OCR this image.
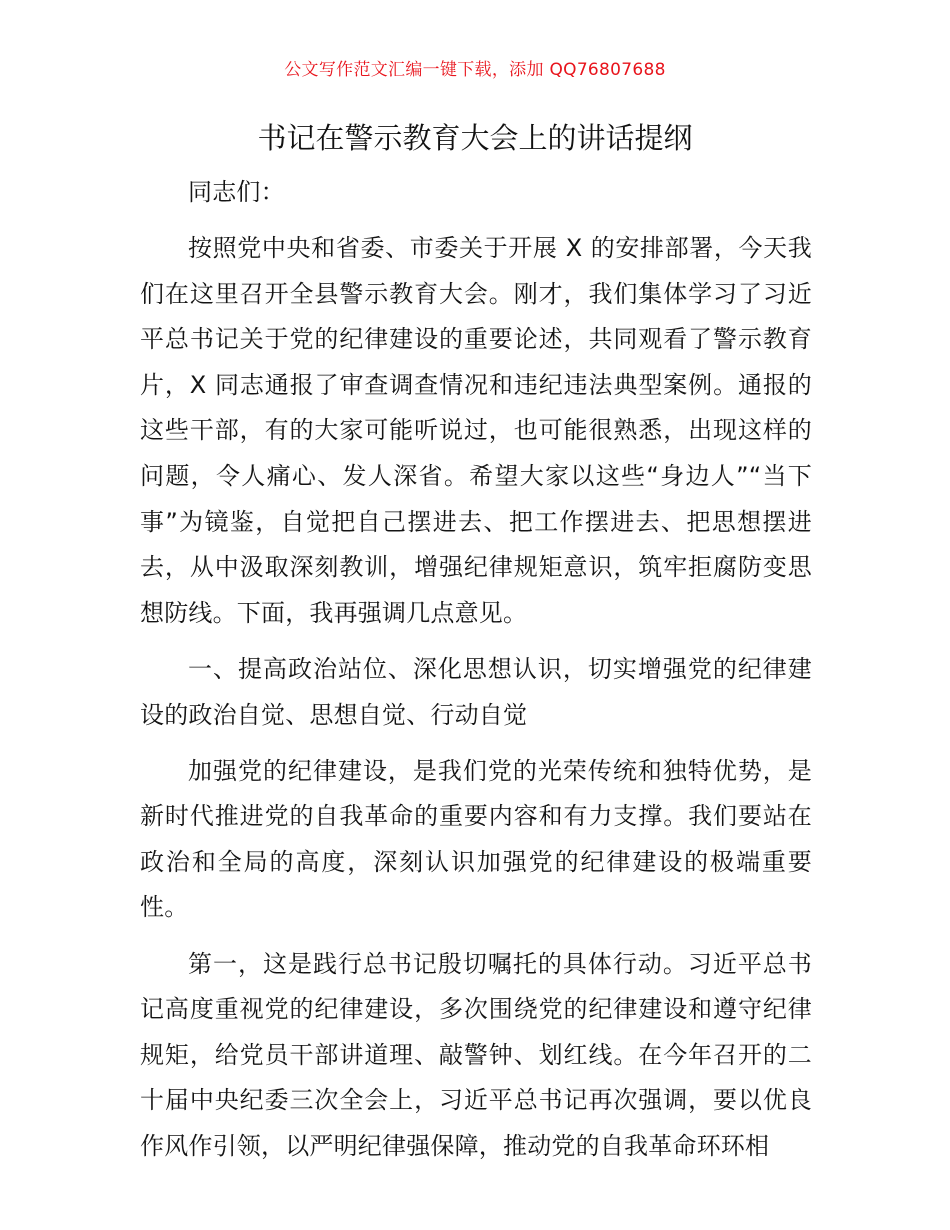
公文写作范文汇编一键下载，添加 QQ76807688
书记在警示教育大会上的讲话提纲

同志们：

按照党中央和省委、市委关于开展 X 的安排部署，今天我们在这里召开全县警示教育大会。刚才，我们集体学习了习近平总书记关于党的纪律建设的重要论述，共同观看了警示教育片，X 同志通报了审查调查情况和违纪违法典型案例。通报的这些干部，有的大家可能听说过，也可能很熟悉，出现这样的问题，令人痛心、发人深省。希望大家以这些“身边人”“当下事”为镜鉴，自觉把自己摆进去、把工作摆进去、把思想摆进去，从中汲取深刻教训，增强纪律规矩意识，筑牢拒腐防变思想防线。下面，我再强调几点意见。

一、提高政治站位、深化思想认识，切实增强党的纪律建设的政治自觉、思想自觉、行动自觉

加强党的纪律建设，是我们党的光荣传统和独特优势，是新时代推进党的自我革命的重要内容和有力支撑。我们要站在政治和全局的高度，深刻认识加强党的纪律建设的极端重要性。

第一，这是践行总书记殷切嘱托的具体行动。习近平总书记高度重视党的纪律建设，多次围绕党的纪律建设和遵守纪律规矩，给党员干部讲道理、敲警钟、划红线。在今年召开的二十届中央纪委三次全会上，习近平总书记再次强调，要以优良作风作引领，以严明纪律强保障，推动党的自我革命环环相
